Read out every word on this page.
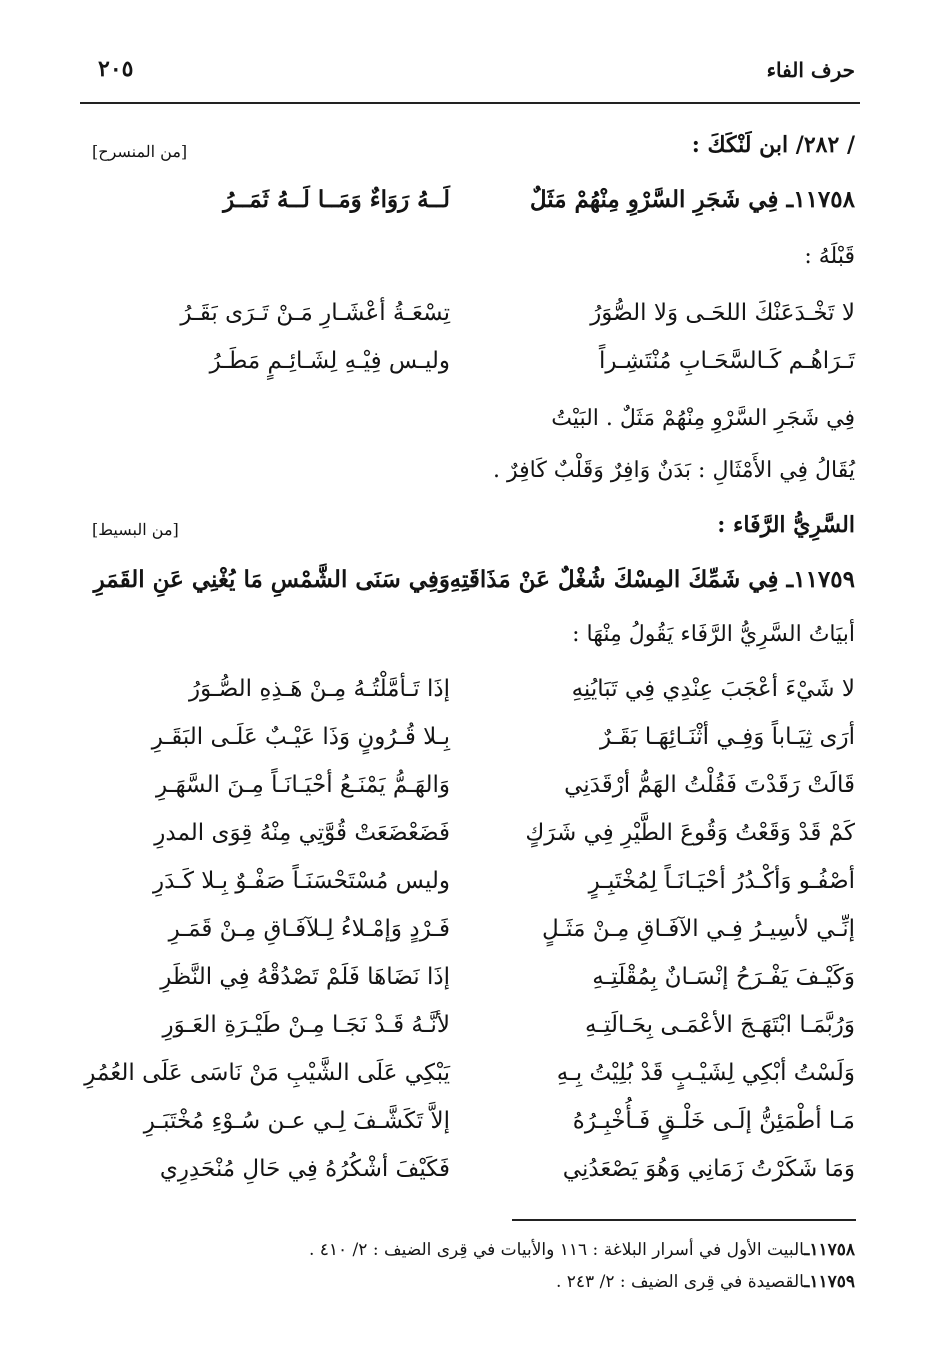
حرف الفاء
٢٠٥
/ ٢٨٢/ ابن لَنْكَكَ :
[من المنسرح]
١١٧٥٨ـ فِي شَجَرِ السَّرْوِ مِنْهُمْ مَثَلٌ
لَــهُ رَوَاءٌ وَمَــا لَــهُ ثَمَــرُ
قَبْلَهُ :
لا تَخْـدَعَنْكَ اللحَـى وَلا الصُّوَرُ
تِسْعَـةُ أعْشَـارِ مَـنْ تَـرَى بَقَـرُ
تَـرَاهُـم كَـالسَّحَـابِ مُنْتَشِـراً
وليـس فِيْـهِ لِشَـائِـمٍ مَطَـرُ
فِي شَجَرِ السَّرْوِ مِنْهُمْ مَثَلٌ . البَيْتُ
يُقَالُ فِي الأَمْثَالِ : بَدَنٌ وَافِرٌ وَقَلْبٌ كَافِرٌ .
السَّرِيُّ الرَّفَاء :
[من البسيط]
١١٧٥٩ـ فِي شَمِّكَ المِسْكَ شُغْلٌ عَنْ مَذَاقَتِهِ
وَفِي سَنَى الشَّمْسِ مَا يُغْنِي عَنِ القَمَرِ
أبيَاتُ السَّرِيُّ الرَّفَاء يَقُولُ مِنْهَا :
لا شَيْءَ أعْجَبَ عِنْدِي فِي تَبَايُنِهِ
إذَا تَـأمَّلْتُـهُ مِـنْ هَـذِهِ الصُّـوَرُ
أرَى ثِيَـاباً وَفِـي أثْنَـائِهَـا بَقَـرٌ
بِـلا قُـرُونٍ وَذَا عَيْـبٌ عَلَـى البَقَـرِ
قَالَتْ رَقَدْتَ فَقُلْتُ الهَمُّ أرْقَدَنِي
وَالهَـمُّ يَمْنَـعُ أحْيَـانَـاً مِـنَ السَّهَـرِ
كَمْ قَدْ وَقَعْتُ وَقُوعَ الطَّيْرِ فِي شَرَكٍ
فَضَعْضَعَتْ قُوَّتِي مِنْهُ قِوَى المدرِ
أصْفُـو وَأكْـدُرُ أحْيَـانَـاً لِمُخْتَبِـرٍ
وليس مُسْتَحْسَنَـاً صَفْـوٌ بِـلا كَـدَرِ
إنِّـي لأسِيـرُ فِـي الآفَـاقِ مِـنْ مَثَـلٍ
فَـرْدٍ وَإمْـلاءُ لِـلآفَـاقِ مِـنْ قَمَـرِ
وَكَيْـفَ يَفْـرَحُ إنْسَـانٌ بِمُقْلَتِـهِ
إذَا نَضَاهَا فَلَمْ تَصْدُقْهُ فِي النَّظَرِ
وَرُبَّمَـا ابْتَهَـجَ الأعْمَـى بِحَـالَتِـهِ
لأنَّـهُ قَـدْ نَجَـا مِـنْ طَيْـرَةِ العَـوَرِ
وَلَسْتُ أبْكِي لِشَيْـبٍ قَدْ بُلِيْتُ بِـهِ
يَبْكِي عَلَى الشَّيْبِ مَنْ نَاسَى عَلَى العُمُرِ
مَـا أطْمَئِنُّ إلَـى خَلْـقٍ فَـأُخْبِـرُهُ
إلاَّ تَكَشَّـفَ لِـي عـن سُـوْءِ مُخْتَبَـرِ
وَمَا شَكَرْتُ زَمَانِي وَهُوَ يَصْعَدُنِي
فَكَيْفَ أشْكُرُهُ فِي حَالِ مُنْحَدِرِي
١١٧٥٨ـالبيت الأول في أسرار البلاغة : ١١٦ والأبيات في قِرى الضيف : ٢/ ٤١٠ .
١١٧٥٩ـالقصيدة في قِرى الضيف : ٢/ ٢٤٣ .
